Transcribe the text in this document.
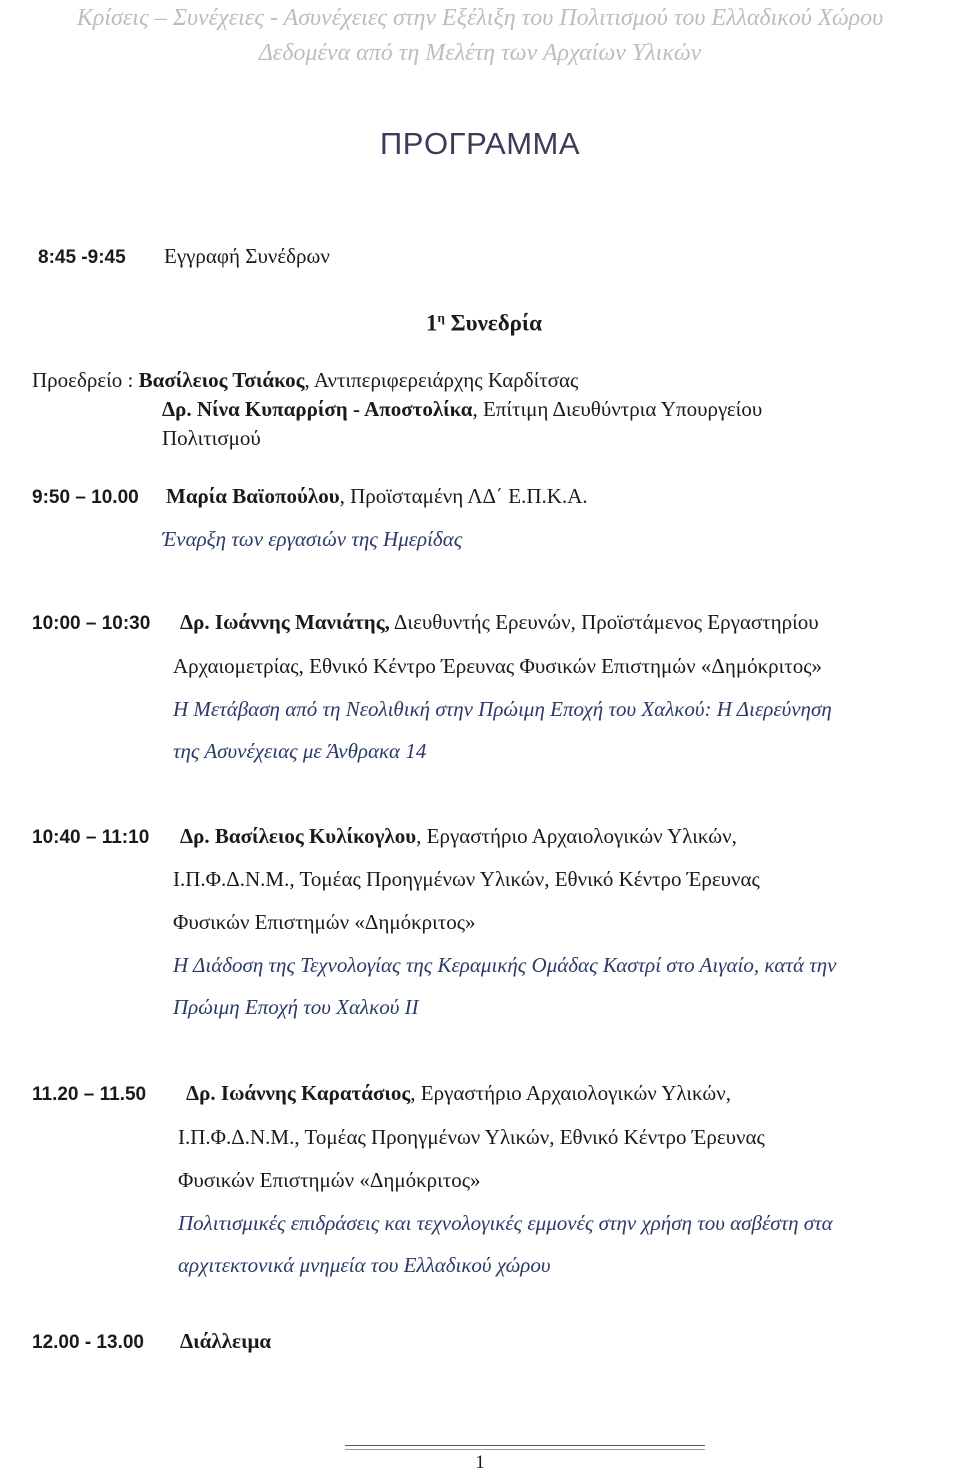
Κρίσεις – Συνέχειες - Ασυνέχειες στην Εξέλιξη του Πολιτισμού του Ελλαδικού Χώρου
Δεδομένα από τη Μελέτη των Αρχαίων Υλικών
ΠΡΟΓΡΑΜΜΑ
8:45 -9:45 Εγγραφή Συνέδρων
$1^\eta$ Συνεδρία
Προεδρείο : Βασίλειος Τσιάκος, Αντιπεριφερειάρχης Καρδίτσας
Δρ. Νίνα Κυπαρρίση - Αποστολίκα, Επίτιμη Διευθύντρια Υπουργείου
Πολιτισμού
9:50 – 10.00 Μαρία Βαϊοπούλου, Προϊσταμένη ΛΔ΄ Ε.Π.Κ.Α.
Έναρξη των εργασιών της Ημερίδας
10:00 – 10:30 Δρ. Ιωάννης Μανιάτης, Διευθυντής Ερευνών, Προϊστάμενος Εργαστηρίου
Αρχαιομετρίας, Εθνικό Κέντρο Έρευνας Φυσικών Επιστημών «Δημόκριτος»
Η Μετάβαση από τη Νεολιθική στην Πρώιμη Εποχή του Χαλκού: Η Διερεύνηση
της Ασυνέχειας με Άνθρακα 14
10:40 – 11:10 Δρ. Βασίλειος Κυλίκογλου, Εργαστήριο Αρχαιολογικών Υλικών,
Ι.Π.Φ.Δ.Ν.Μ., Τομέας Προηγμένων Υλικών, Εθνικό Κέντρο Έρευνας
Φυσικών Επιστημών «Δημόκριτος»
Η Διάδοση της Τεχνολογίας της Κεραμικής Ομάδας Καστρί στο Αιγαίο, κατά την
Πρώιμη Εποχή του Χαλκού ΙΙ
11.20 – 11.50 Δρ. Ιωάννης Καρατάσιος, Εργαστήριο Αρχαιολογικών Υλικών,
Ι.Π.Φ.Δ.Ν.Μ., Τομέας Προηγμένων Υλικών, Εθνικό Κέντρο Έρευνας
Φυσικών Επιστημών «Δημόκριτος»
Πολιτισμικές επιδράσεις και τεχνολογικές εμμονές στην χρήση του ασβέστη στα
αρχιτεκτονικά μνημεία του Ελλαδικού χώρου
12.00 - 13.00 Διάλλειμα
1
